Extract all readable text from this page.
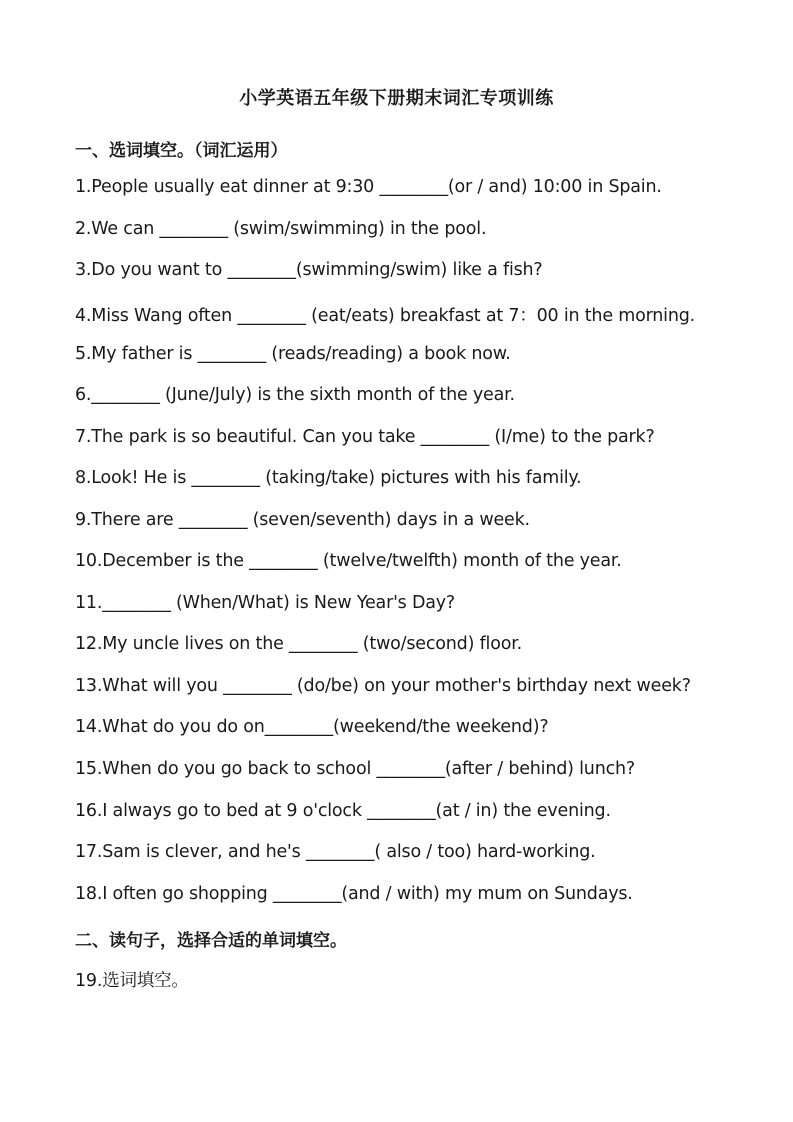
小学英语五年级下册期末词汇专项训练
一、选词填空。（词汇运用）
1.People usually eat dinner at 9:30 ________(or / and) 10:00 in Spain.
2.We can ________ (swim/swimming) in the pool.
3.Do you want to ________(swimming/swim) like a fish?
4.Miss Wang often ________ (eat/eats) breakfast at 7：00 in the morning.
5.My father is ________ (reads/reading) a book now.
6.________ (June/July) is the sixth month of the year.
7.The park is so beautiful. Can you take ________ (I/me) to the park?
8.Look! He is ________ (taking/take) pictures with his family.
9.There are ________ (seven/seventh) days in a week.
10.December is the ________ (twelve/twelfth) month of the year.
11.________ (When/What) is New Year's Day?
12.My uncle lives on the ________ (two/second) floor.
13.What will you ________ (do/be) on your mother's birthday next week?
14.What do you do on________(weekend/the weekend)?
15.When do you go back to school ________(after / behind) lunch?
16.I always go to bed at 9 o'clock ________(at / in) the evening.
17.Sam is clever, and he's ________( also / too) hard-working.
18.I often go shopping ________(and / with) my mum on Sundays.
二、读句子，选择合适的单词填空。
19.选词填空。
